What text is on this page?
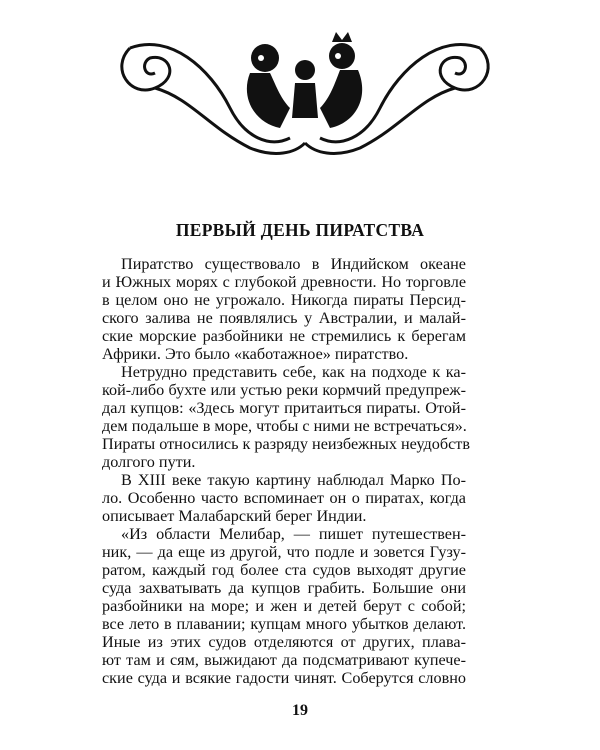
ПЕРВЫЙ ДЕНЬ ПИРАТСТВА
Пиратство существовало в Индийском океане
и Южных морях с глубокой древности. Но торговле
в целом оно не угрожало. Никогда пираты Персид-
ского залива не появлялись у Австралии, и малай-
ские морские разбойники не стремились к берегам
Африки. Это было «каботажное» пиратство.
Нетрудно представить себе, как на подходе к ка-
кой-либо бухте или устью реки кормчий предупреж-
дал купцов: «Здесь могут притаиться пираты. Отой-
дем подальше в море, чтобы с ними не встречаться».
Пираты относились к разряду неизбежных неудобств
долгого пути.
В XIII веке такую картину наблюдал Марко По-
ло. Особенно часто вспоминает он о пиратах, когда
описывает Малабарский берег Индии.
«Из области Мелибар, — пишет путешествен-
ник, — да еще из другой, что подле и зовется Гузу-
ратом, каждый год более ста судов выходят другие
суда захватывать да купцов грабить. Большие они
разбойники на море; и жен и детей берут с собой;
все лето в плавании; купцам много убытков делают.
Иные из этих судов отделяются от других, плава-
ют там и сям, выжидают да подсматривают купече-
ские суда и всякие гадости чинят. Соберутся словно
19
